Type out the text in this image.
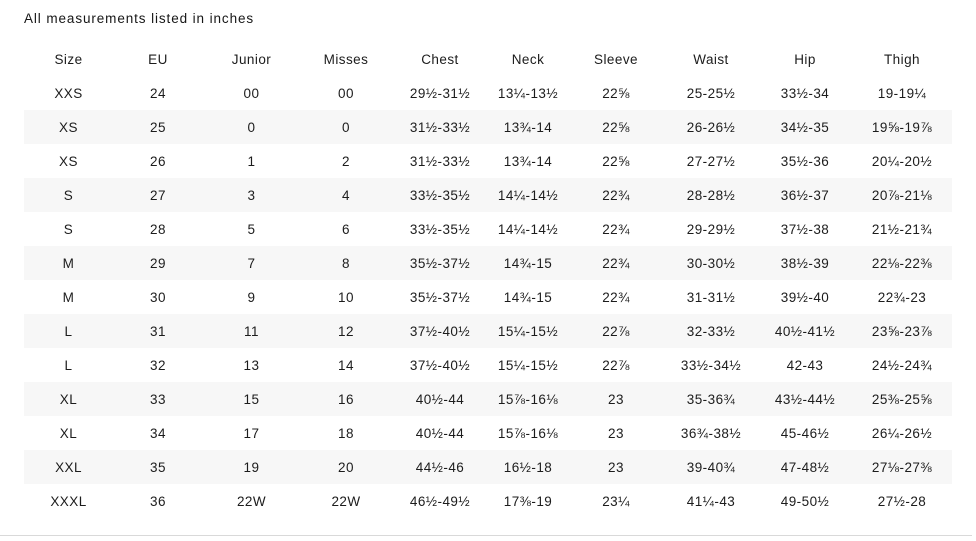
All measurements listed in inches
Size	EU	Junior	Misses	Chest	Neck	Sleeve	Waist	Hip	Thigh
XXS	24	00	00	29½-31½	13¼-13½	22⅝	25-25½	33½-34	19-19¼
XS	25	0	0	31½-33½	13¾-14	22⅝	26-26½	34½-35	19⅝-19⅞
XS	26	1	2	31½-33½	13¾-14	22⅝	27-27½	35½-36	20¼-20½
S	27	3	4	33½-35½	14¼-14½	22¾	28-28½	36½-37	20⅞-21⅛
S	28	5	6	33½-35½	14¼-14½	22¾	29-29½	37½-38	21½-21¾
M	29	7	8	35½-37½	14¾-15	22¾	30-30½	38½-39	22⅛-22⅜
M	30	9	10	35½-37½	14¾-15	22¾	31-31½	39½-40	22¾-23
L	31	11	12	37½-40½	15¼-15½	22⅞	32-33½	40½-41½	23⅝-23⅞
L	32	13	14	37½-40½	15¼-15½	22⅞	33½-34½	42-43	24½-24¾
XL	33	15	16	40½-44	15⅞-16⅛	23	35-36¾	43½-44½	25⅜-25⅝
XL	34	17	18	40½-44	15⅞-16⅛	23	36¾-38½	45-46½	26¼-26½
XXL	35	19	20	44½-46	16½-18	23	39-40¾	47-48½	27⅛-27⅜
XXXL	36	22W	22W	46½-49½	17⅜-19	23¼	41¼-43	49-50½	27½-28
